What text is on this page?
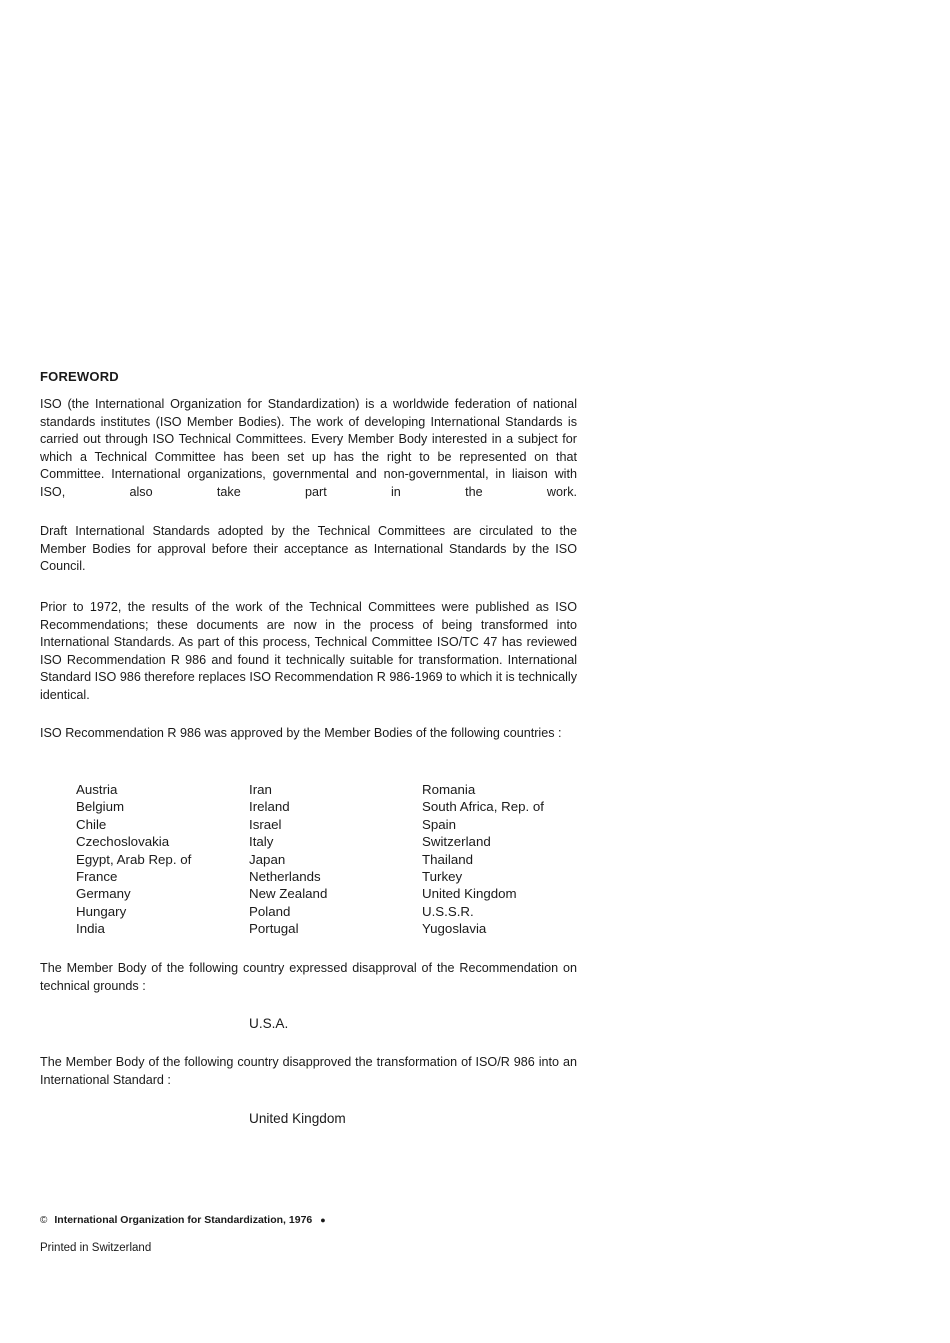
FOREWORD
ISO (the International Organization for Standardization) is a worldwide federation of national standards institutes (ISO Member Bodies). The work of developing International Standards is carried out through ISO Technical Committees. Every Member Body interested in a subject for which a Technical Committee has been set up has the right to be represented on that Committee. International organizations, governmental and non-governmental, in liaison with ISO, also take part in the work.
Draft International Standards adopted by the Technical Committees are circulated to the Member Bodies for approval before their acceptance as International Standards by the ISO Council.
Prior to 1972, the results of the work of the Technical Committees were published as ISO Recommendations; these documents are now in the process of being transformed into International Standards. As part of this process, Technical Committee ISO/TC 47 has reviewed ISO Recommendation R 986 and found it technically suitable for transformation. International Standard ISO 986 therefore replaces ISO Recommendation R 986-1969 to which it is technically identical.
ISO Recommendation R 986 was approved by the Member Bodies of the following countries :
Austria
Belgium
Chile
Czechoslovakia
Egypt, Arab Rep. of
France
Germany
Hungary
India
Iran
Ireland
Israel
Italy
Japan
Netherlands
New Zealand
Poland
Portugal
Romania
South Africa, Rep. of
Spain
Switzerland
Thailand
Turkey
United Kingdom
U.S.S.R.
Yugoslavia
The Member Body of the following country expressed disapproval of the Recommendation on technical grounds :
U.S.A.
The Member Body of the following country disapproved the transformation of ISO/R 986 into an International Standard :
United Kingdom
© International Organization for Standardization, 1976 ●
Printed in Switzerland
